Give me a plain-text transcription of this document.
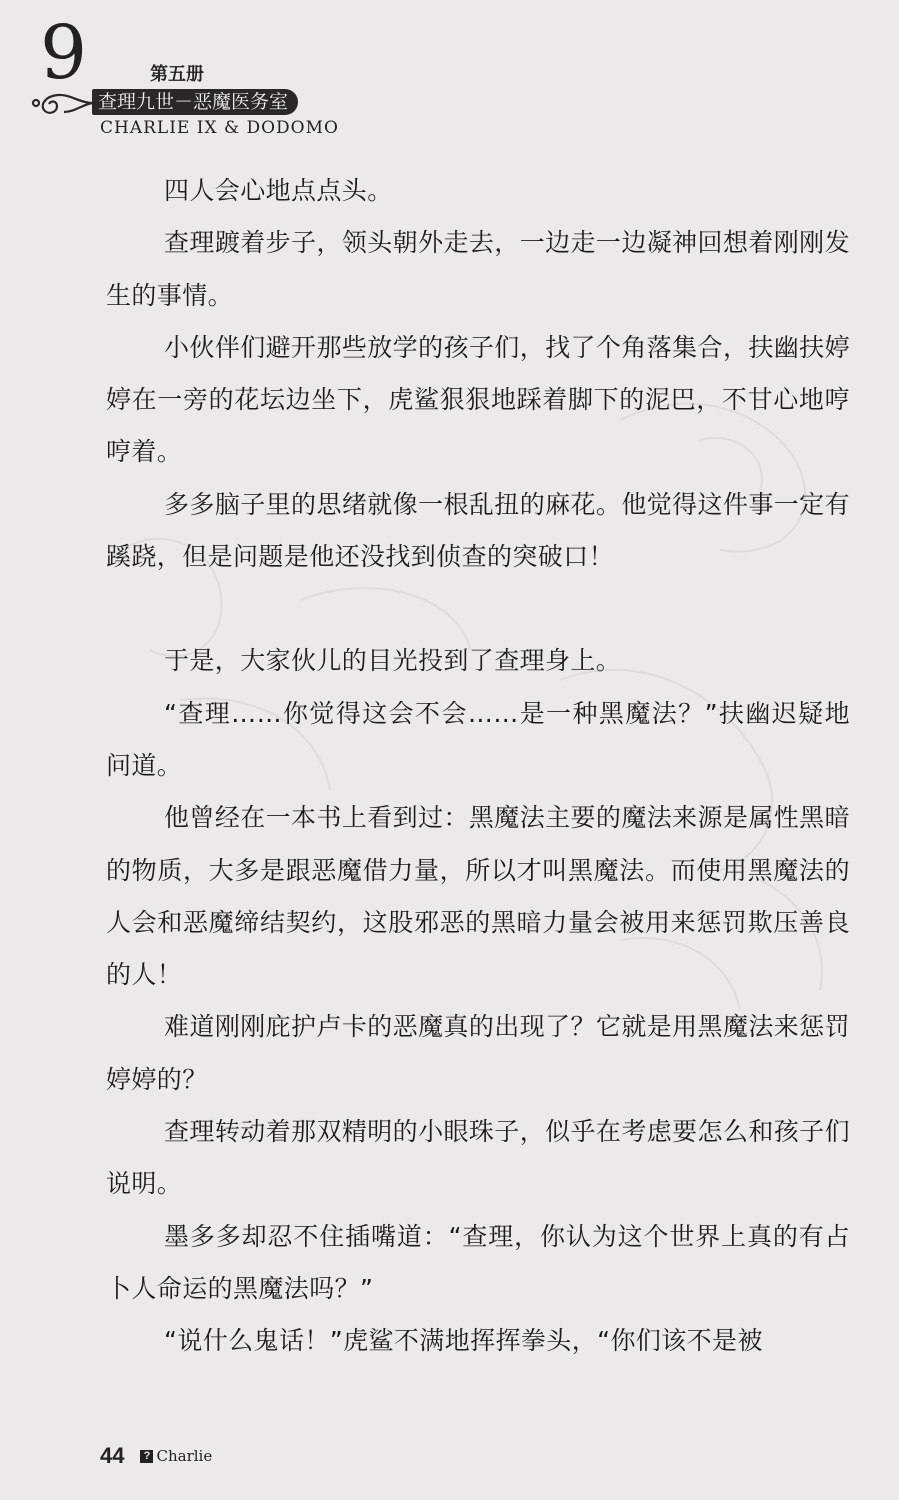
9	第五册
查理九世－恶魔医务室
CHARLIE IX & DODOMO

四人会心地点点头。

查理踱着步子，领头朝外走去，一边走一边凝神回想着刚刚发生的事情。

小伙伴们避开那些放学的孩子们，找了个角落集合，扶幽扶婷婷在一旁的花坛边坐下，虎鲨狠狠地踩着脚下的泥巴，不甘心地哼哼着。

多多脑子里的思绪就像一根乱扭的麻花。他觉得这件事一定有蹊跷，但是问题是他还没找到侦查的突破口！

于是，大家伙儿的目光投到了查理身上。

“查理……你觉得这会不会……是一种黑魔法？”扶幽迟疑地问道。

他曾经在一本书上看到过：黑魔法主要的魔法来源是属性黑暗的物质，大多是跟恶魔借力量，所以才叫黑魔法。而使用黑魔法的人会和恶魔缔结契约，这股邪恶的黑暗力量会被用来惩罚欺压善良的人！

难道刚刚庇护卢卡的恶魔真的出现了？它就是用黑魔法来惩罚婷婷的？

查理转动着那双精明的小眼珠子，似乎在考虑要怎么和孩子们说明。

墨多多却忍不住插嘴道：“查理，你认为这个世界上真的有占卜人命运的黑魔法吗？”

“说什么鬼话！”虎鲨不满地挥挥拳头，“你们该不是被

44 ? Charlie
